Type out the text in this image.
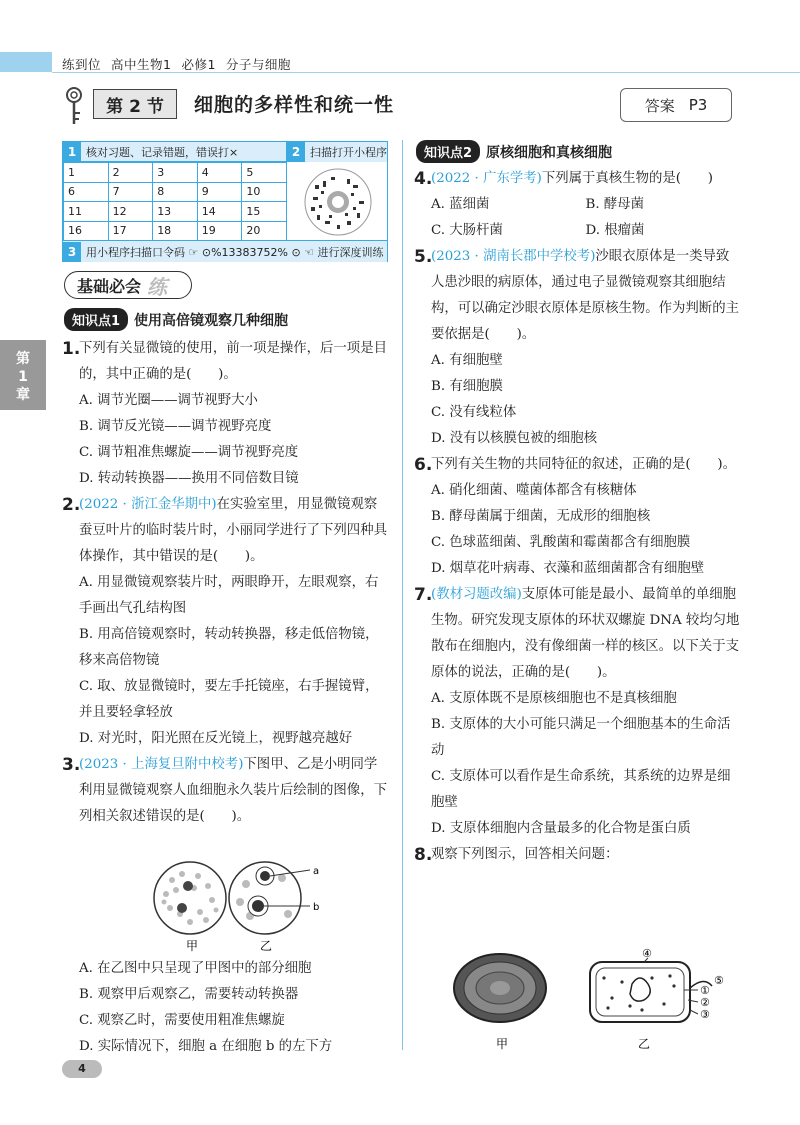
练到位 高中生物1 必修1 分子与细胞
第 2 节	细胞的多样性和统一性	答案 P3
1 核对习题、记录错题，错误打×	2 扫描打开小程序
1	2	3	4	5
6	7	8	9	10
11	12	13	14	15
16	17	18	19	20
3 用小程序扫描口令码 ☞ ⊙%13383752% ⊙ ☜ 进行深度训练
基础必会 练
第
1
章
知识点1	使用高倍镜观察几种细胞
1.
下列有关显微镜的使用，前一项是操作，后一项是目的，其中正确的是(　　)。
A. 调节光圈——调节视野大小
B. 调节反光镜——调节视野亮度
C. 调节粗准焦螺旋——调节视野亮度
D. 转动转换器——换用不同倍数目镜
2.
(2022 · 浙江金华期中)在实验室里，用显微镜观察蚕豆叶片的临时装片时，小丽同学进行了下列四种具体操作，其中错误的是(　　)。
A. 用显微镜观察装片时，两眼睁开，左眼观察，右手画出气孔结构图
B. 用高倍镜观察时，转动转换器，移走低倍物镜，移来高倍物镜
C. 取、放显微镜时，要左手托镜座，右手握镜臂，并且要轻拿轻放
D. 对光时，阳光照在反光镜上，视野越亮越好
3.
(2023 · 上海复旦附中校考)下图甲、乙是小明同学利用显微镜观察人血细胞永久装片后绘制的图像，下列相关叙述错误的是(　　)。
a
b
甲	乙
A. 在乙图中只呈现了甲图中的部分细胞
B. 观察甲后观察乙，需要转动转换器
C. 观察乙时，需要使用粗准焦螺旋
D. 实际情况下，细胞 a 在细胞 b 的左下方
知识点2	原核细胞和真核细胞
4.
(2022 · 广东学考)下列属于真核生物的是(　　)
A. 蓝细菌	B. 酵母菌
C. 大肠杆菌	D. 根瘤菌
5.
(2023 · 湖南长郡中学校考)沙眼衣原体是一类导致人患沙眼的病原体，通过电子显微镜观察其细胞结构，可以确定沙眼衣原体是原核生物。作为判断的主要依据是(　　)。
A. 有细胞壁
B. 有细胞膜
C. 没有线粒体
D. 没有以核膜包被的细胞核
6.
下列有关生物的共同特征的叙述，正确的是(　　)。
A. 硝化细菌、噬菌体都含有核糖体
B. 酵母菌属于细菌，无成形的细胞核
C. 色球蓝细菌、乳酸菌和霉菌都含有细胞膜
D. 烟草花叶病毒、衣藻和蓝细菌都含有细胞壁
7.
(教材习题改编)支原体可能是最小、最简单的单细胞生物。研究发现支原体的环状双螺旋 DNA 较均匀地散布在细胞内，没有像细菌一样的核区。以下关于支原体的说法，正确的是(　　)。
A. 支原体既不是原核细胞也不是真核细胞
B. 支原体的大小可能只满足一个细胞基本的生命活动
C. 支原体可以看作是生命系统，其系统的边界是细胞壁
D. 支原体细胞内含量最多的化合物是蛋白质
8.
观察下列图示，回答相关问题：
④
⑤
①
②
③
甲	乙
4
